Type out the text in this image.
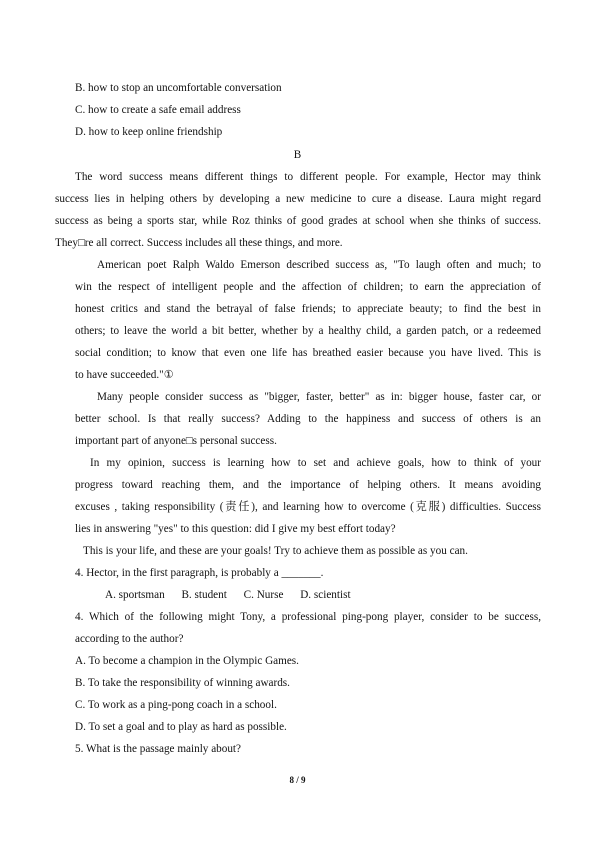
B. how to stop an uncomfortable conversation
C. how to create a safe email address
D. how to keep online friendship
B
The word success means different things to different people. For example, Hector may think
success lies in helping others by developing a new medicine to cure a disease. Laura might regard
success as being a sports star, while Roz thinks of good grades at school when she thinks of success.
They□re all correct. Success includes all these things, and more.
American poet Ralph Waldo Emerson described success as, "To laugh often and much; to
win the respect of intelligent people and the affection of children; to earn the appreciation of
honest critics and stand the betrayal of false friends; to appreciate beauty; to find the best in
others; to leave the world a bit better, whether by a healthy child, a garden patch, or a redeemed
social condition; to know that even one life has breathed easier because you have lived. This is
to have succeeded."①
Many people consider success as "bigger, faster, better" as in: bigger house, faster car, or
better school. Is that really success? Adding to the happiness and success of others is an
important part of anyone□s personal success.
In my opinion, success is learning how to set and achieve goals, how to think of your
progress toward reaching them, and the importance of helping others. It means avoiding
excuses , taking responsibility (责任), and learning how to overcome (克服) difficulties. Success
lies in answering "yes" to this question: did I give my best effort today?
This is your life, and these are your goals! Try to achieve them as possible as you can.
4. Hector, in the first paragraph, is probably a _______.
A. sportsman B. student C. Nurse D. scientist
4. Which of the following might Tony, a professional ping-pong player, consider to be success,
according to the author?
A. To become a champion in the Olympic Games.
B. To take the responsibility of winning awards.
C. To work as a ping-pong coach in a school.
D. To set a goal and to play as hard as possible.
5. What is the passage mainly about?
8 / 9
